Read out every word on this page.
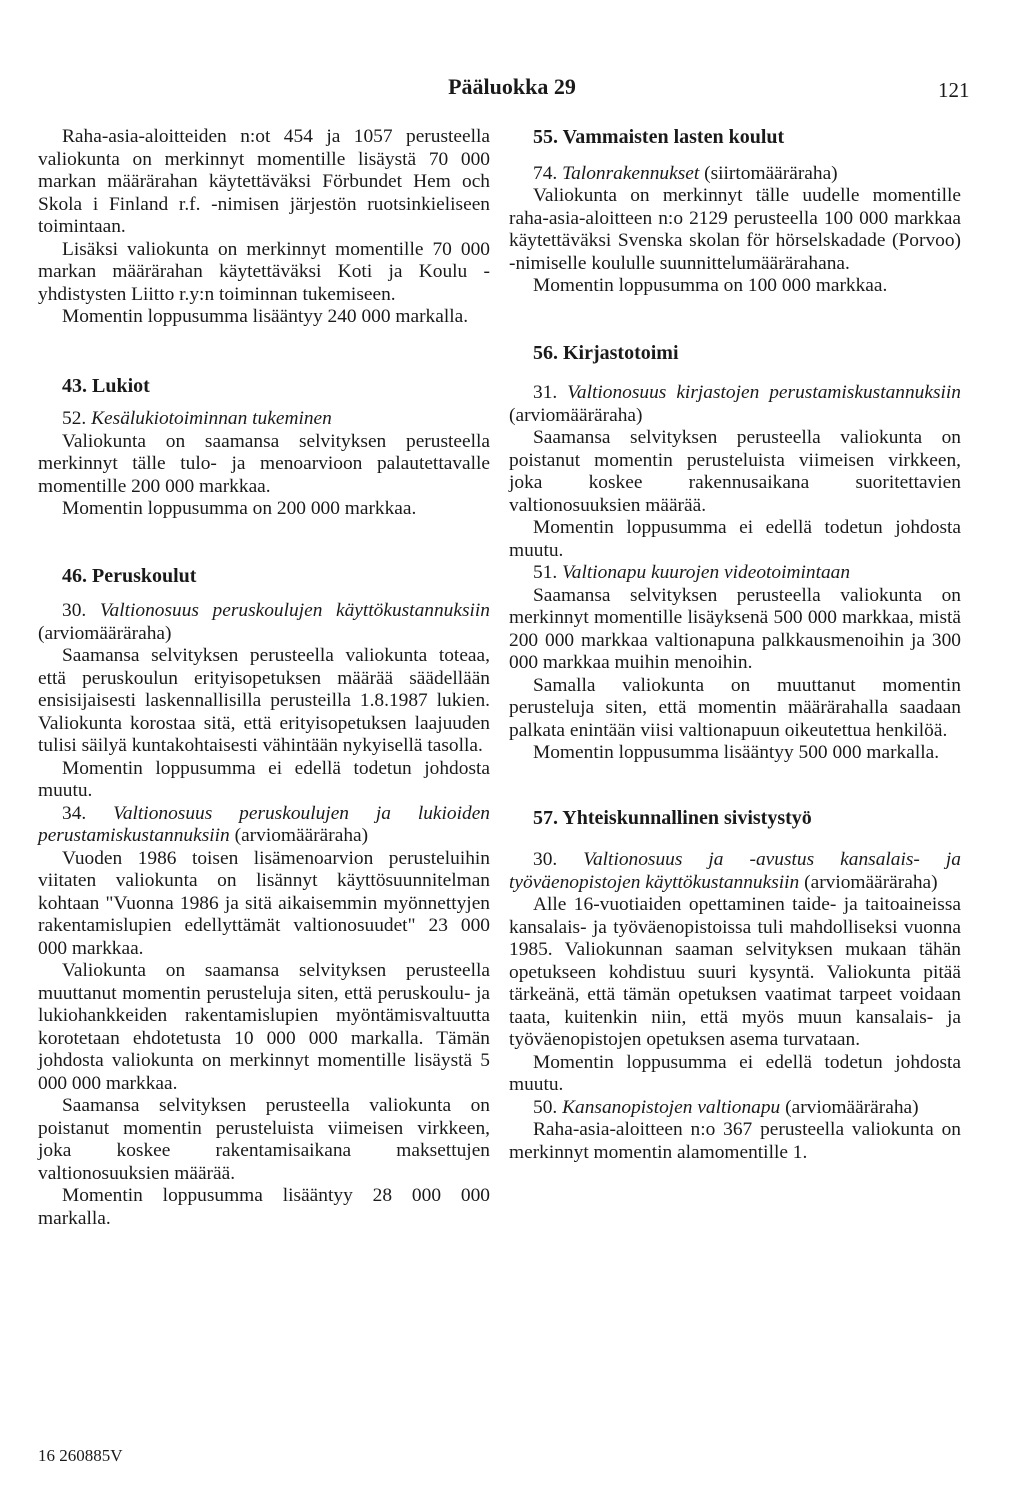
Pääluokka 29	121

Raha-asia-aloitteiden n:ot 454 ja 1057 perusteella valiokunta on merkinnyt momentille lisäystä 70 000 markan määrärahan käytettäväksi Förbundet Hem och Skola i Finland r.f. -nimisen järjestön ruotsinkieliseen toimintaan.

Lisäksi valiokunta on merkinnyt momentille 70 000 markan määrärahan käytettäväksi Koti ja Koulu -yhdistysten Liitto r.y:n toiminnan tukemiseen.

Momentin loppusumma lisääntyy 240 000 markalla.

43. Lukiot

52. Kesälukiotoiminnan tukeminen

Valiokunta on saamansa selvityksen perusteella merkinnyt tälle tulo- ja menoarvioon palautettavalle momentille 200 000 markkaa.

Momentin loppusumma on 200 000 markkaa.

46. Peruskoulut

30. Valtionosuus peruskoulujen käyttökustannuksiin (arviomääräraha)

Saamansa selvityksen perusteella valiokunta toteaa, että peruskoulun erityisopetuksen määrää säädellään ensisijaisesti laskennallisilla perusteilla 1.8.1987 lukien. Valiokunta korostaa sitä, että erityisopetuksen laajuuden tulisi säilyä kuntakohtaisesti vähintään nykyisellä tasolla.

Momentin loppusumma ei edellä todetun johdosta muutu.

34. Valtionosuus peruskoulujen ja lukioiden perustamiskustannuksiin (arviomääräraha)

Vuoden 1986 toisen lisämenoarvion perusteluihin viitaten valiokunta on lisännyt käyttösuunnitelman kohtaan "Vuonna 1986 ja sitä aikaisemmin myönnettyjen rakentamislupien edellyttämät valtionosuudet" 23 000 000 markkaa.

Valiokunta on saamansa selvityksen perusteella muuttanut momentin perusteluja siten, että peruskoulu- ja lukiohankkeiden rakentamislupien myöntämisvaltuutta korotetaan ehdotetusta 10 000 000 markalla. Tämän johdosta valiokunta on merkinnyt momentille lisäystä 5 000 000 markkaa.

Saamansa selvityksen perusteella valiokunta on poistanut momentin perusteluista viimeisen virkkeen, joka koskee rakentamisaikana maksettujen valtionosuuksien määrää.

Momentin loppusumma lisääntyy 28 000 000 markalla.

55. Vammaisten lasten koulut

74. Talonrakennukset (siirtomääräraha)

Valiokunta on merkinnyt tälle uudelle momentille raha-asia-aloitteen n:o 2129 perusteella 100 000 markkaa käytettäväksi Svenska skolan för hörselskadade (Porvoo) -nimiselle koululle suunnittelumäärärahana.

Momentin loppusumma on 100 000 markkaa.

56. Kirjastotoimi

31. Valtionosuus kirjastojen perustamiskustannuksiin (arviomääräraha)

Saamansa selvityksen perusteella valiokunta on poistanut momentin perusteluista viimeisen virkkeen, joka koskee rakennusaikana suoritettavien valtionosuuksien määrää.

Momentin loppusumma ei edellä todetun johdosta muutu.

51. Valtionapu kuurojen videotoimintaan

Saamansa selvityksen perusteella valiokunta on merkinnyt momentille lisäyksenä 500 000 markkaa, mistä 200 000 markkaa valtionapuna palkkausmenoihin ja 300 000 markkaa muihin menoihin.

Samalla valiokunta on muuttanut momentin perusteluja siten, että momentin määrärahalla saadaan palkata enintään viisi valtionapuun oikeutettua henkilöä.

Momentin loppusumma lisääntyy 500 000 markalla.

57. Yhteiskunnallinen sivistystyö

30. Valtionosuus ja -avustus kansalais- ja työväenopistojen käyttökustannuksiin (arviomääräraha)

Alle 16-vuotiaiden opettaminen taide- ja taitoaineissa kansalais- ja työväenopistoissa tuli mahdolliseksi vuonna 1985. Valiokunnan saaman selvityksen mukaan tähän opetukseen kohdistuu suuri kysyntä. Valiokunta pitää tärkeänä, että tämän opetuksen vaatimat tarpeet voidaan taata, kuitenkin niin, että myös muun kansalais- ja työväenopistojen opetuksen asema turvataan.

Momentin loppusumma ei edellä todetun johdosta muutu.

50. Kansanopistojen valtionapu (arviomääräraha)

Raha-asia-aloitteen n:o 367 perusteella valiokunta on merkinnyt momentin alamomentille 1.

16 260885V
